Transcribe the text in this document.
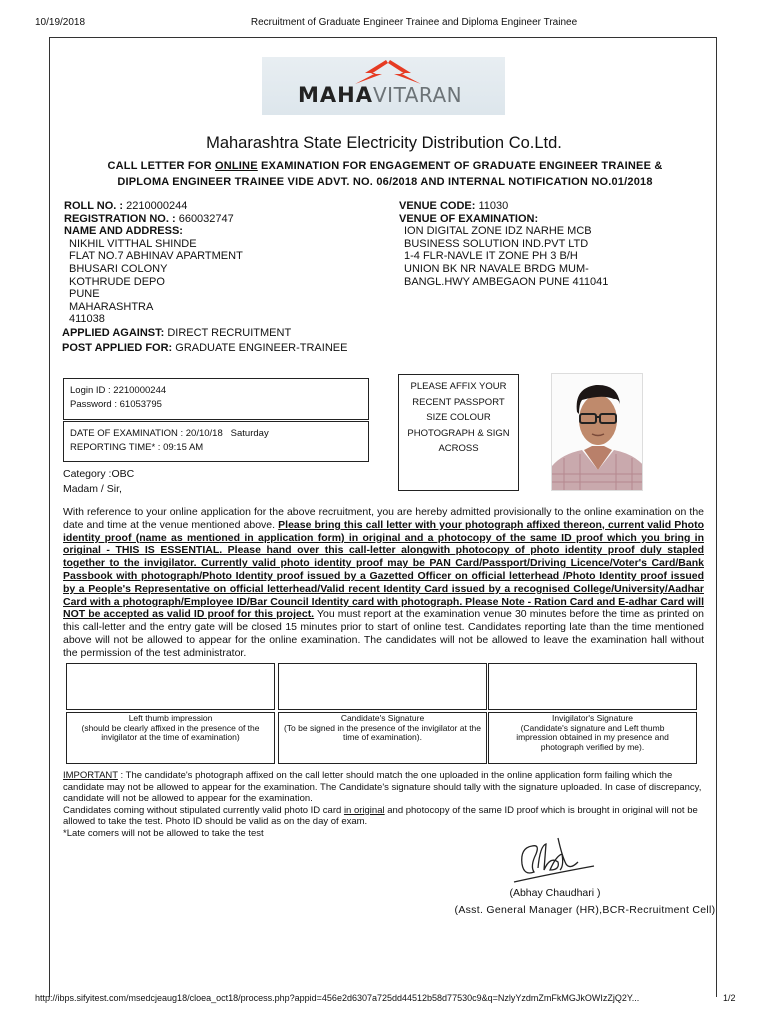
10/19/2018	Recruitment of Graduate Engineer Trainee and Diploma Engineer Trainee
MAHAVITARAN
Maharashtra State Electricity Distribution Co.Ltd.
CALL LETTER FOR ONLINE EXAMINATION FOR ENGAGEMENT OF GRADUATE ENGINEER TRAINEE &
DIPLOMA ENGINEER TRAINEE VIDE ADVT. NO. 06/2018 AND INTERNAL NOTIFICATION NO.01/2018
ROLL NO. : 2210000244
REGISTRATION NO. : 660032747
NAME AND ADDRESS:
NIKHIL VITTHAL SHINDE
FLAT NO.7 ABHINAV APARTMENT
BHUSARI COLONY
KOTHRUDE DEPO
PUNE
MAHARASHTRA
411038
APPLIED AGAINST: DIRECT RECRUITMENT
POST APPLIED FOR: GRADUATE ENGINEER-TRAINEE
VENUE CODE: 11030
VENUE OF EXAMINATION:
ION DIGITAL ZONE IDZ NARHE MCB
BUSINESS SOLUTION IND.PVT LTD
1-4 FLR-NAVLE IT ZONE PH 3 B/H
UNION BK NR NAVALE BRDG MUM-
BANGL.HWY AMBEGAON PUNE 411041
Login ID : 2210000244
Password : 61053795
DATE OF EXAMINATION : 20/10/18   Saturday
REPORTING TIME* : 09:15 AM
Category :OBC
Madam / Sir,
PLEASE AFFIX YOUR
RECENT PASSPORT
SIZE COLOUR
PHOTOGRAPH & SIGN
ACROSS
With reference to your online application for the above recruitment, you are hereby admitted provisionally to the online examination on the date and time at the venue mentioned above. Please bring this call letter with your photograph affixed thereon, current valid Photo identity proof (name as mentioned in application form) in original and a photocopy of the same ID proof which you bring in original - THIS IS ESSENTIAL. Please hand over this call-letter alongwith photocopy of photo identity proof duly stapled together to the invigilator. Currently valid photo identity proof may be PAN Card/Passport/Driving Licence/Voter's Card/Bank Passbook with photograph/Photo Identity proof issued by a Gazetted Officer on official letterhead /Photo Identity proof issued by a People's Representative on official letterhead/Valid recent Identity Card issued by a recognised College/University/Aadhar Card with a photograph/Employee ID/Bar Council Identity card with photograph. Please Note - Ration Card and E-adhar Card will NOT be accepted as valid ID proof for this project. You must report at the examination venue 30 minutes before the time as printed on this call-letter and the entry gate will be closed 15 minutes prior to start of online test. Candidates reporting late than the time mentioned above will not be allowed to appear for the online examination. The candidates will not be allowed to leave the examination hall without the permission of the test administrator.
Left thumb impression
(should be clearly affixed in the presence of the invigilator at the time of examination)
Candidate's Signature
(To be signed in the presence of the invigilator at the time of examination).
Invigilator's Signature
(Candidate's signature and Left thumb impression obtained in my presence and photograph verified by me).
IMPORTANT : The candidate's photograph affixed on the call letter should match the one uploaded in the online application form failing which the candidate may not be allowed to appear for the examination. The Candidate's signature should tally with the signature uploaded. In case of discrepancy, candidate will not be allowed to appear for the examination.
Candidates coming without stipulated currently valid photo ID card in original and photocopy of the same ID proof which is brought in original will not be allowed to take the test. Photo ID should be valid as on the day of exam.
*Late comers will not be allowed to take the test
(Abhay Chaudhari )
(Asst. General Manager (HR),BCR-Recruitment Cell)
http://ibps.sifyitest.com/msedcjeaug18/cloea_oct18/process.php?appid=456e2d6307a725dd44512b58d77530c9&q=NzlyYzdmZmFkMGJkOWIzZjQ2Y...	1/2
